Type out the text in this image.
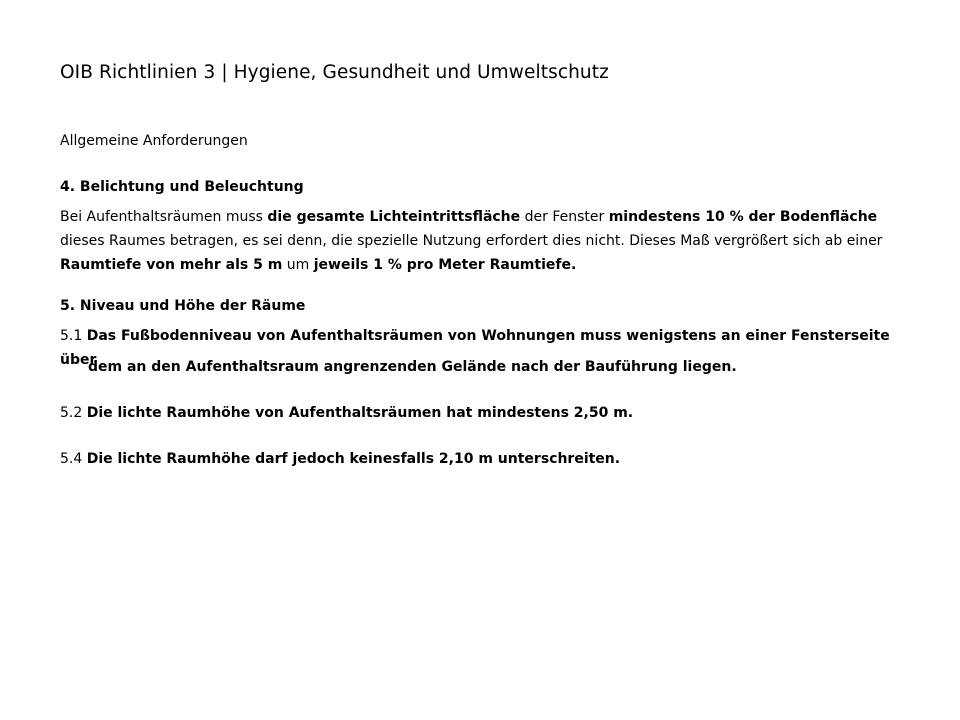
OIB Richtlinien 3 | Hygiene, Gesundheit und Umweltschutz
Allgemeine Anforderungen
4. Belichtung und Beleuchtung
Bei Aufenthaltsräumen muss die gesamte Lichteintrittsfläche der Fenster mindestens 10 % der Bodenfläche dieses Raumes betragen, es sei denn, die spezielle Nutzung erfordert dies nicht. Dieses Maß vergrößert sich ab einer Raumtiefe von mehr als 5 m um jeweils 1 % pro Meter Raumtiefe.
5. Niveau und Höhe der Räume
5.1 Das Fußbodenniveau von Aufenthaltsräumen von Wohnungen muss wenigstens an einer Fensterseite über
dem an den Aufenthaltsraum angrenzenden Gelände nach der Bauführung liegen.
5.2 Die lichte Raumhöhe von Aufenthaltsräumen hat mindestens 2,50 m.
5.4 Die lichte Raumhöhe darf jedoch keinesfalls 2,10 m unterschreiten.
